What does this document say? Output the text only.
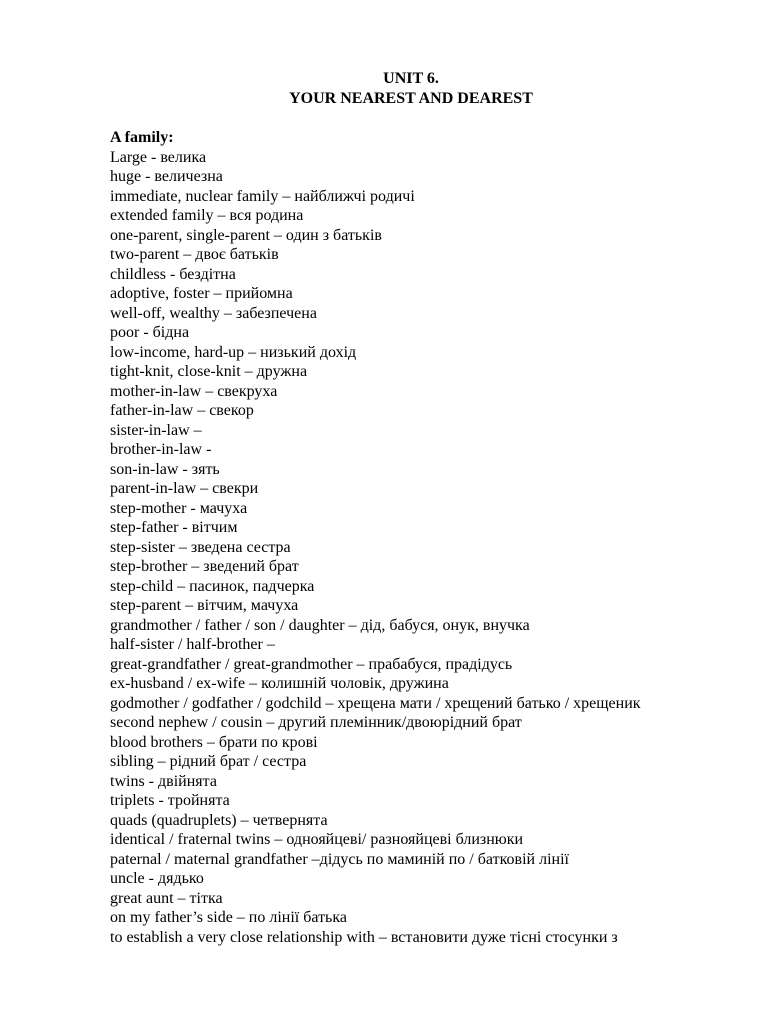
UNIT 6.
YOUR NEAREST AND DEAREST
A family:
Large - велика
huge - величезна
immediate, nuclear family – найближчі родичі
extended family – вся родина
one-parent, single-parent – один з батьків
two-parent – двоє батьків
childless - бездітна
adoptive, foster – прийомна
well-off, wealthy – забезпечена
poor - бідна
low-income, hard-up – низький дохід
tight-knit, close-knit – дружна
mother-in-law – свекруха
father-in-law – свекор
sister-in-law –
brother-in-law -
son-in-law - зять
parent-in-law – свекри
step-mother - мачуха
step-father - вітчим
step-sister – зведена сестра
step-brother – зведений брат
step-child – пасинок, падчерка
step-parent – вітчим, мачуха
grandmother / father / son / daughter – дід, бабуся, онук, внучка
half-sister / half-brother –
great-grandfather / great-grandmother – прабабуся, прадідусь
ex-husband / ex-wife – колишній чоловік, дружина
godmother / godfather / godchild – хрещена мати / хрещений батько / хрещеник
second nephew / cousin – другий племінник/двоюрідний брат
blood brothers – брати по крові
sibling – рідний брат / сестра
twins - двійнята
triplets - тройнята
quads (quadruplets) – четвернята
identical / fraternal twins – однояйцеві/ разнояйцеві близнюки
paternal / maternal grandfather –дідусь по маминій по / батковій лінії
uncle - дядько
great aunt – тітка
on my father’s side – по лінії батька
to establish a very close relationship with – встановити дуже тісні стосунки з
